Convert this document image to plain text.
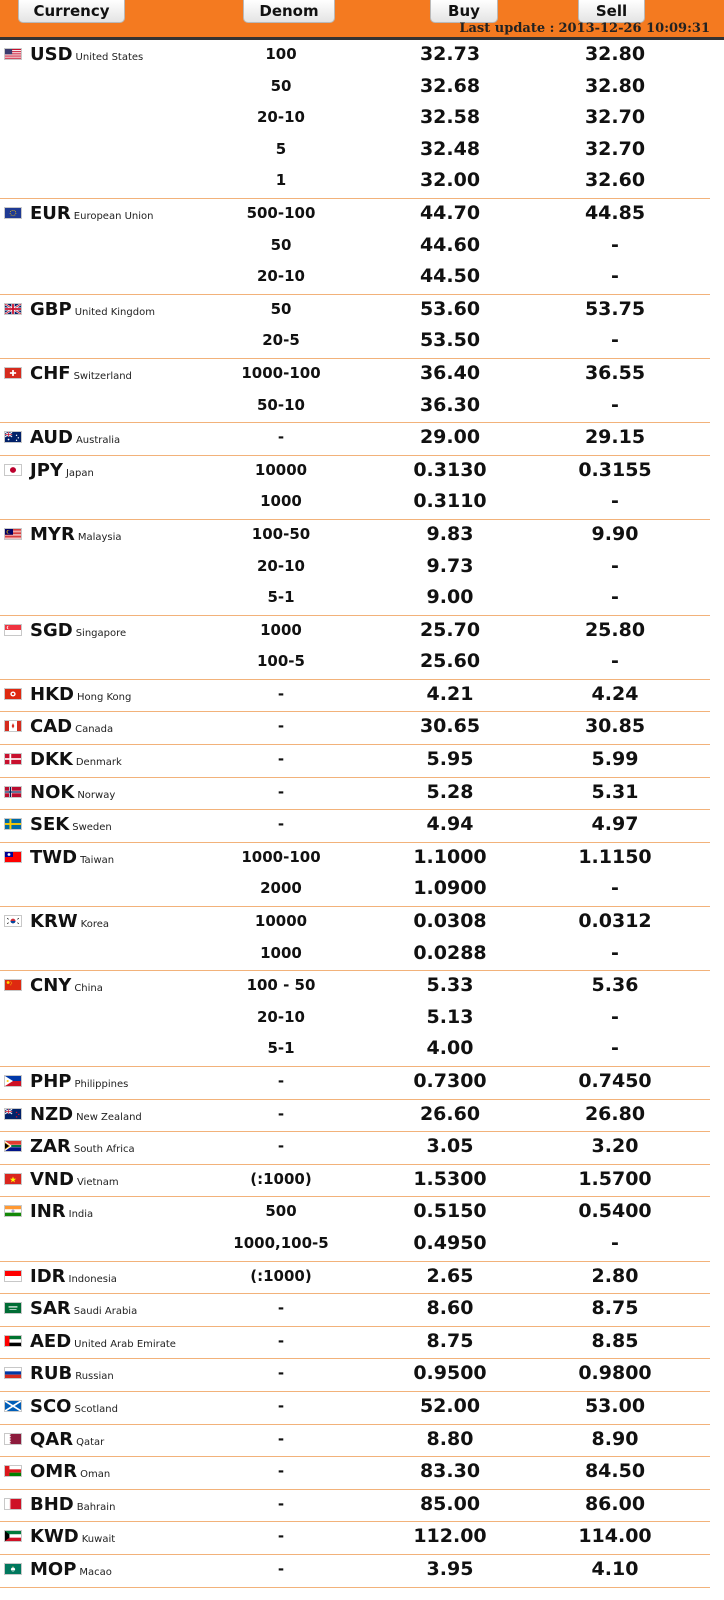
Currency	Denom	Buy	Sell
Last update : 2013-12-26 10:09:31
USD United States	100	32.73	32.80
50	32.68	32.80
20-10	32.58	32.70
5	32.48	32.70
1	32.00	32.60
EUR European Union	500-100	44.70	44.85
50	44.60	-
20-10	44.50	-
GBP United Kingdom	50	53.60	53.75
20-5	53.50	-
CHF Switzerland	1000-100	36.40	36.55
50-10	36.30	-
AUD Australia	-	29.00	29.15
JPY Japan	10000	0.3130	0.3155
1000	0.3110	-
MYR Malaysia	100-50	9.83	9.90
20-10	9.73	-
5-1	9.00	-
SGD Singapore	1000	25.70	25.80
100-5	25.60	-
HKD Hong Kong	-	4.21	4.24
CAD Canada	-	30.65	30.85
DKK Denmark	-	5.95	5.99
NOK Norway	-	5.28	5.31
SEK Sweden	-	4.94	4.97
TWD Taiwan	1000-100	1.1000	1.1150
2000	1.0900	-
KRW Korea	10000	0.0308	0.0312
1000	0.0288	-
CNY China	100 - 50	5.33	5.36
20-10	5.13	-
5-1	4.00	-
PHP Philippines	-	0.7300	0.7450
NZD New Zealand	-	26.60	26.80
ZAR South Africa	-	3.05	3.20
VND Vietnam	(:1000)	1.5300	1.5700
INR India	500	0.5150	0.5400
1000,100-5	0.4950	-
IDR Indonesia	(:1000)	2.65	2.80
SAR Saudi Arabia	-	8.60	8.75
AED United Arab Emirate	-	8.75	8.85
RUB Russian	-	0.9500	0.9800
SCO Scotland	-	52.00	53.00
QAR Qatar	-	8.80	8.90
OMR Oman	-	83.30	84.50
BHD Bahrain	-	85.00	86.00
KWD Kuwait	-	112.00	114.00
MOP Macao	-	3.95	4.10
